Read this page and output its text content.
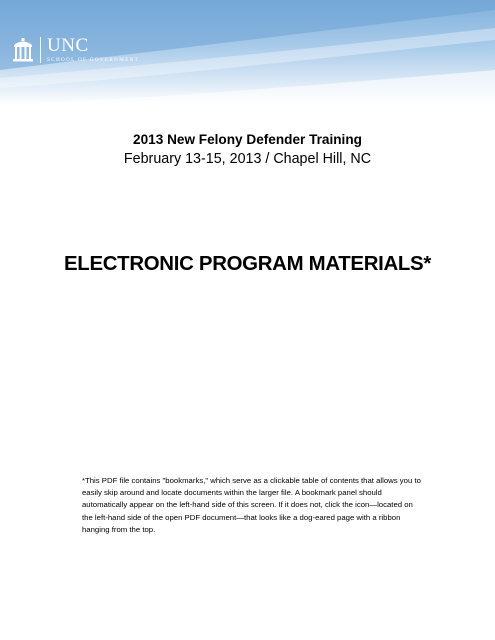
UNC
SCHOOL OF GOVERNMENT
2013 New Felony Defender Training
February 13-15, 2013 / Chapel Hill, NC
ELECTRONIC PROGRAM MATERIALS*
*This PDF file contains "bookmarks," which serve as a clickable table of contents that allows you to easily skip around and locate documents within the larger file. A bookmark panel should automatically appear on the left-hand side of this screen. If it does not, click the icon—located on the left-hand side of the open PDF document—that looks like a dog-eared page with a ribbon hanging from the top.
